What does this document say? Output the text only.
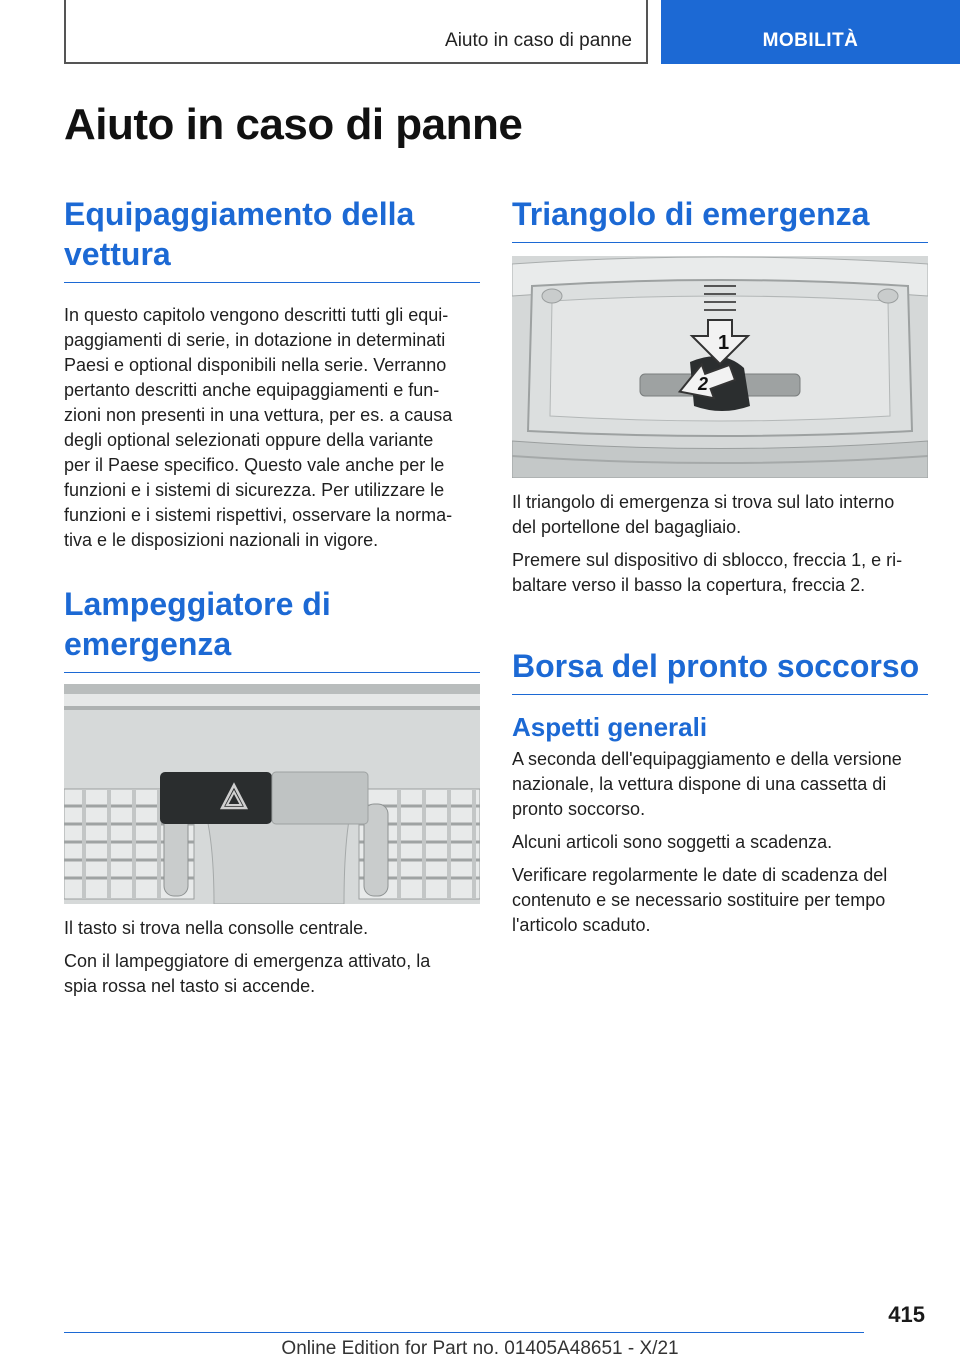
Aiuto in caso di panne	MOBILITÀ
Aiuto in caso di panne
Equipaggiamento della
vettura
In questo capitolo vengono descritti tutti gli equi‐
paggiamenti di serie, in dotazione in determinati
Paesi e optional disponibili nella serie. Verranno
pertanto descritti anche equipaggiamenti e fun‐
zioni non presenti in una vettura, per es. a causa
degli optional selezionati oppure della variante
per il Paese specifico. Questo vale anche per le
funzioni e i sistemi di sicurezza. Per utilizzare le
funzioni e i sistemi rispettivi, osservare la norma‐
tiva e le disposizioni nazionali in vigore.
Lampeggiatore di
emergenza
Il tasto si trova nella consolle centrale.
Con il lampeggiatore di emergenza attivato, la
spia rossa nel tasto si accende.
Triangolo di emergenza
1
2
Il triangolo di emergenza si trova sul lato interno
del portellone del bagagliaio.
Premere sul dispositivo di sblocco, freccia 1, e ri‐
baltare verso il basso la copertura, freccia 2.
Borsa del pronto soccorso
Aspetti generali
A seconda dell'equipaggiamento e della versione
nazionale, la vettura dispone di una cassetta di
pronto soccorso.
Alcuni articoli sono soggetti a scadenza.
Verificare regolarmente le date di scadenza del
contenuto e se necessario sostituire per tempo
l'articolo scaduto.
415
Online Edition for Part no. 01405A48651 - X/21
